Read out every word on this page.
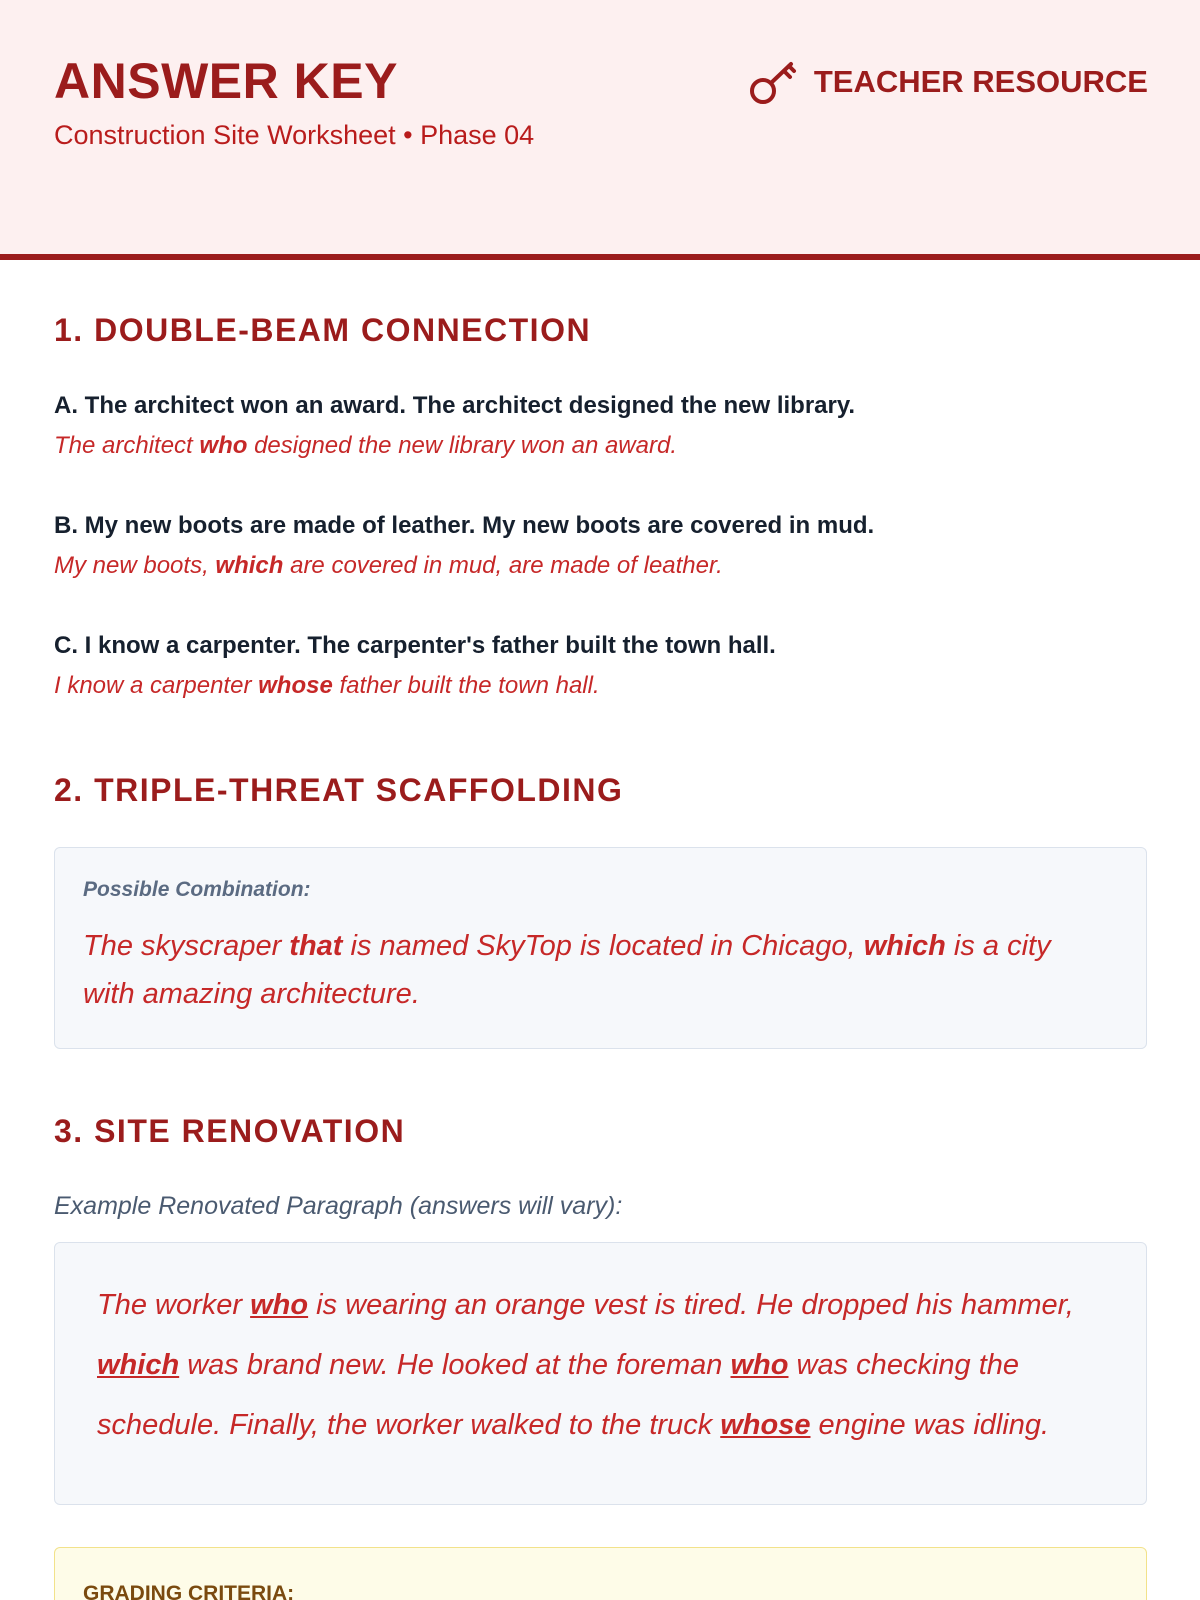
ANSWER KEY
Construction Site Worksheet • Phase 04
TEACHER RESOURCE
1. DOUBLE-BEAM CONNECTION
A. The architect won an award. The architect designed the new library.
The architect who designed the new library won an award.
B. My new boots are made of leather. My new boots are covered in mud.
My new boots, which are covered in mud, are made of leather.
C. I know a carpenter. The carpenter's father built the town hall.
I know a carpenter whose father built the town hall.
2. TRIPLE-THREAT SCAFFOLDING
Possible Combination:
The skyscraper that is named SkyTop is located in Chicago, which is a city with amazing architecture.
3. SITE RENOVATION
Example Renovated Paragraph (answers will vary):
The worker who is wearing an orange vest is tired. He dropped his hammer, which was brand new. He looked at the foreman who was checking the schedule. Finally, the worker walked to the truck whose engine was idling.
GRADING CRITERIA:
